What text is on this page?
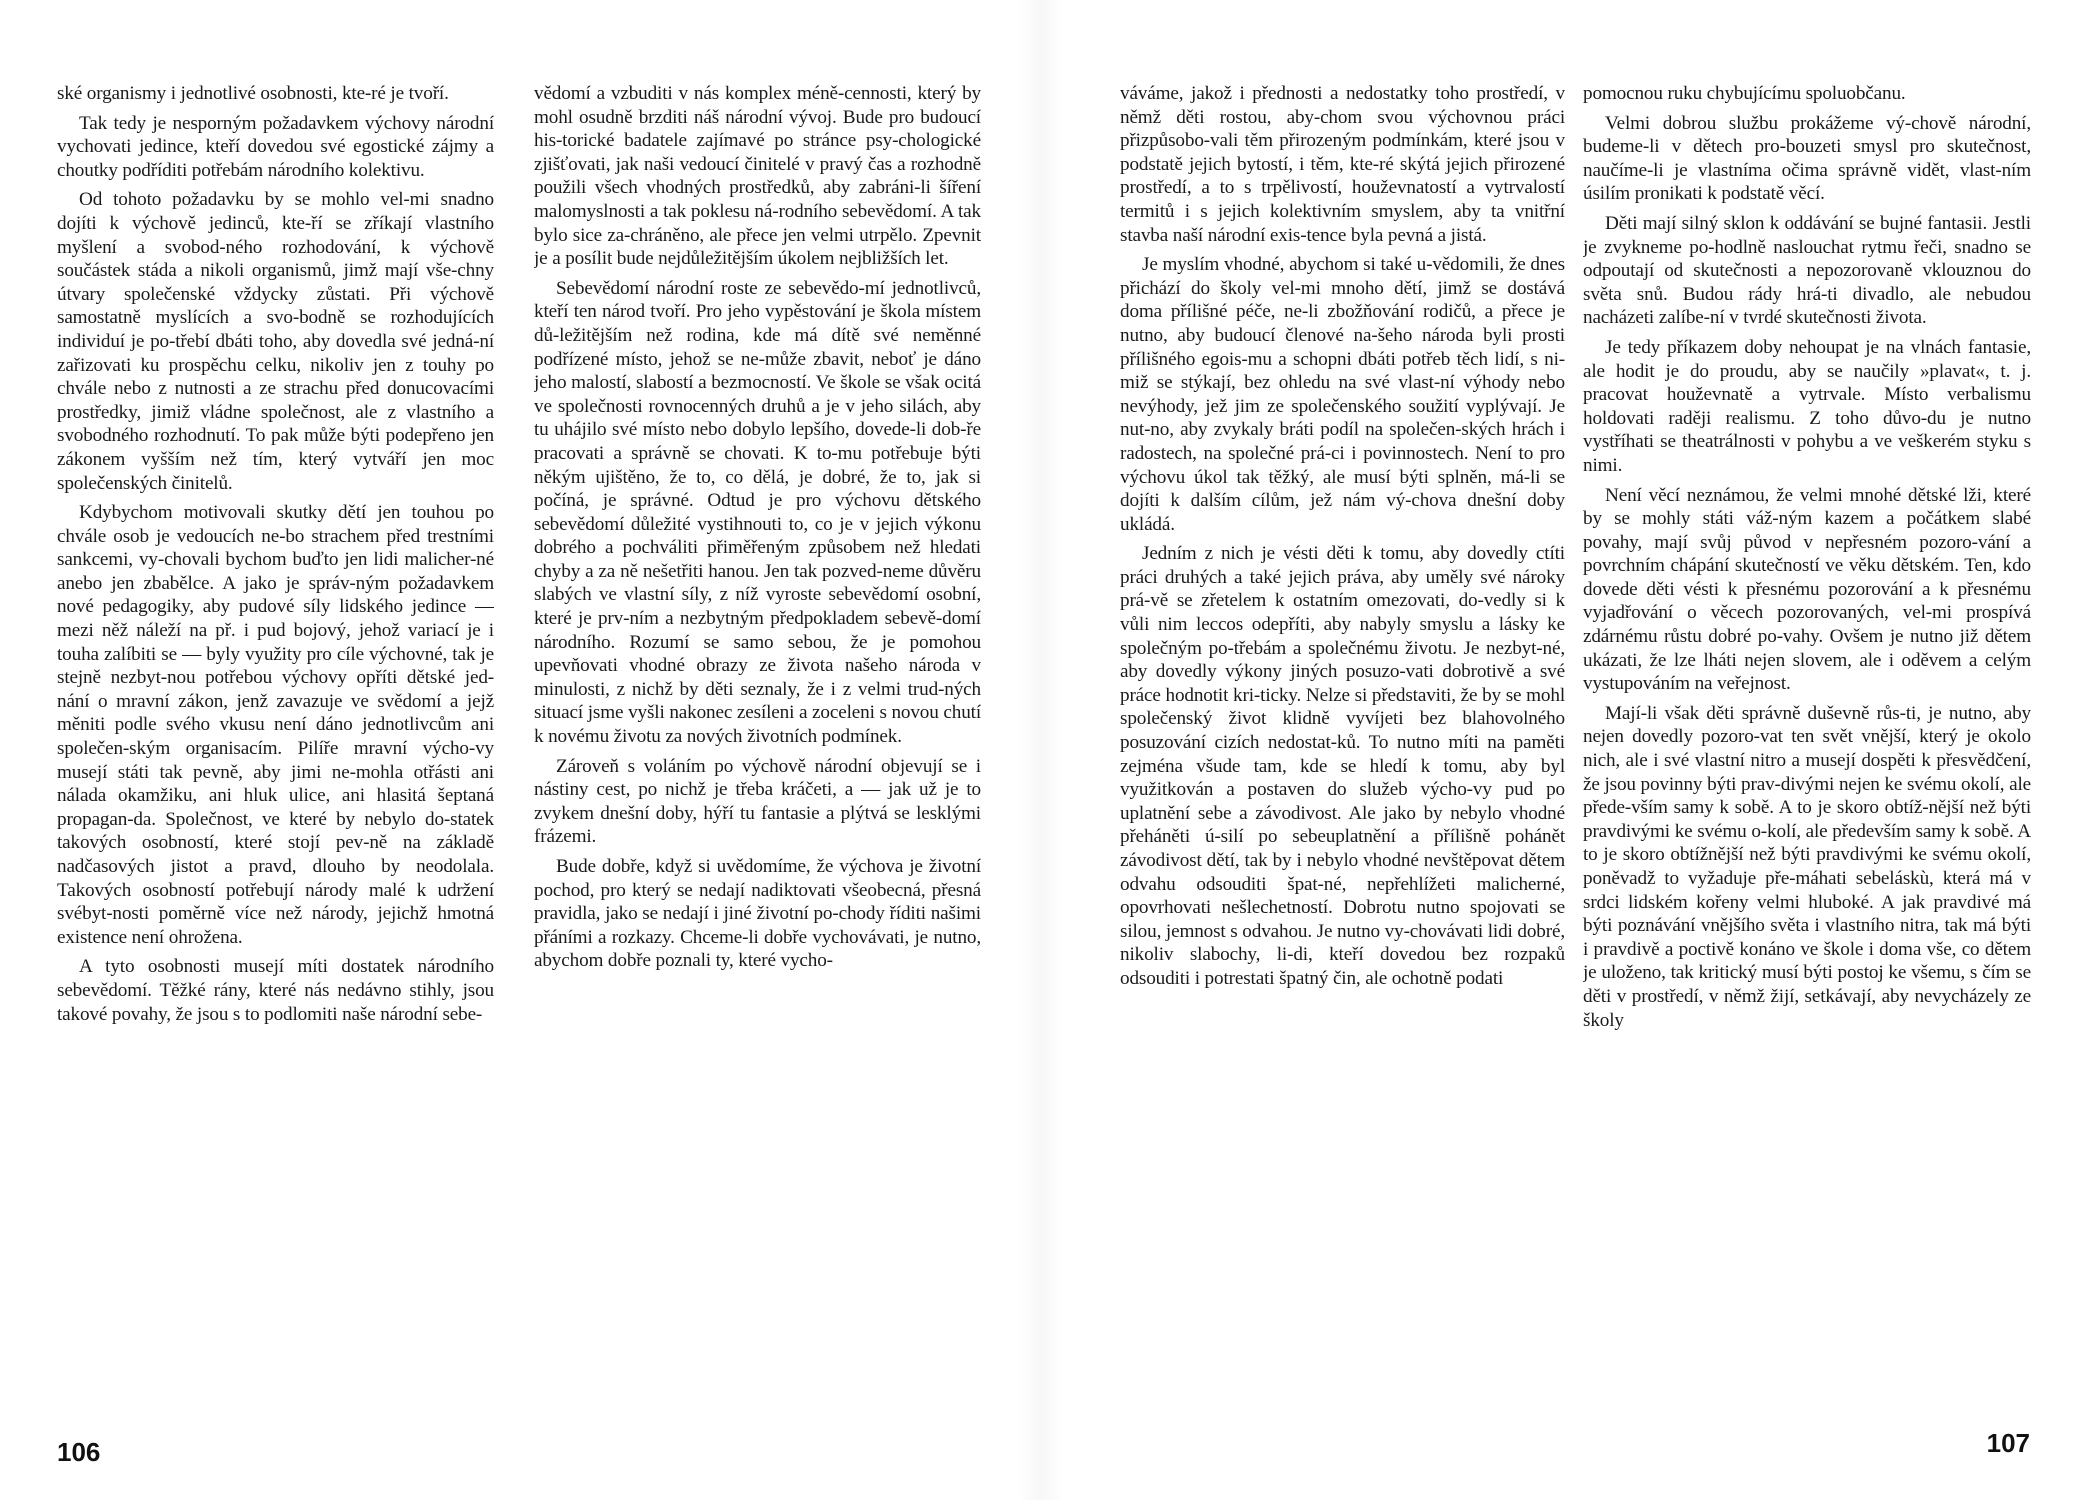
ské organismy i jednotlivé osobnosti, kte-ré je tvoří.

Tak tedy je nesporným požadavkem výchovy národní vychovati jedince, kteří dovedou své egostické zájmy a choutky podříditi potřebám národního kolektivu.

Od tohoto požadavku by se mohlo vel-mi snadno dojíti k výchově jedinců, kte-ří se zříkají vlastního myšlení a svobod-ného rozhodování, k výchově součástek stáda a nikoli organismů, jimž mají vše-chny útvary společenské vždycky zůstati. Při výchově samostatně myslících a svo-bodně se rozhodujících individuí je po-třebí dbáti toho, aby dovedla své jedná-ní zařizovati ku prospěchu celku, nikoliv jen z touhy po chvále nebo z nutnosti a ze strachu před donucovacími prostředky, jimiž vládne společnost, ale z vlastního a svobodného rozhodnutí. To pak může býti podepřeno jen zákonem vyšším než tím, který vytváří jen moc společenských činitelů.

Kdybychom motivovali skutky dětí jen touhou po chvále osob je vedoucích ne-bo strachem před trestními sankcemi, vy-chovali bychom buďto jen lidi malicher-né anebo jen zbabělce. A jako je správ-ným požadavkem nové pedagogiky, aby pudové síly lidského jedince — mezi něž náleží na př. i pud bojový, jehož variací je i touha zalíbiti se — byly využity pro cíle výchovné, tak je stejně nezbyt-nou potřebou výchovy opříti dětské jed-nání o mravní zákon, jenž zavazuje ve svědomí a jejž měniti podle svého vkusu není dáno jednotlivcům ani společen-ským organisacím. Pilíře mravní výcho-vy musejí státi tak pevně, aby jimi ne-mohla otřásti ani nálada okamžiku, ani hluk ulice, ani hlasitá šeptaná propagan-da. Společnost, ve které by nebylo do-statek takových osobností, které stojí pev-ně na základě nadčasových jistot a pravd, dlouho by neodolala. Takových osobností potřebují národy malé k udržení svébyt-nosti poměrně více než národy, jejichž hmotná existence není ohrožena.

A tyto osobnosti musejí míti dostatek národního sebevědomí. Těžké rány, které nás nedávno stihly, jsou takové povahy, že jsou s to podlomiti naše národní sebe-

vědomí a vzbuditi v nás komplex méně-cennosti, který by mohl osudně brzditi náš národní vývoj. Bude pro budoucí his-torické badatele zajímavé po stránce psy-chologické zjišťovati, jak naši vedoucí činitelé v pravý čas a rozhodně použili všech vhodných prostředků, aby zabráni-li šíření malomyslnosti a tak poklesu ná-rodního sebevědomí. A tak bylo sice za-chráněno, ale přece jen velmi utrpělo. Zpevnit je a posílit bude nejdůležitějším úkolem nejbližších let.

Sebevědomí národní roste ze sebevědo-mí jednotlivců, kteří ten národ tvoří. Pro jeho vypěstování je škola místem dů-ležitějším než rodina, kde má dítě své neměnné podřízené místo, jehož se ne-může zbavit, neboť je dáno jeho malostí, slabostí a bezmocností. Ve škole se však ocitá ve společnosti rovnocenných druhů a je v jeho silách, aby tu uhájilo své místo nebo dobylo lepšího, dovede-li dob-ře pracovati a správně se chovati. K to-mu potřebuje býti někým ujištěno, že to, co dělá, je dobré, že to, jak si počíná, je správné. Odtud je pro výchovu dětského sebevědomí důležité vystihnouti to, co je v jejich výkonu dobrého a pochváliti přiměřeným způsobem než hledati chyby a za ně nešetřiti hanou. Jen tak pozved-neme důvěru slabých ve vlastní síly, z níž vyroste sebevědomí osobní, které je prv-ním a nezbytným předpokladem sebevě-domí národního. Rozumí se samo sebou, že je pomohou upevňovati vhodné obrazy ze života našeho národa v minulosti, z nichž by děti seznaly, že i z velmi trud-ných situací jsme vyšli nakonec zesíleni a zoceleni s novou chutí k novému životu za nových životních podmínek.

Zároveň s voláním po výchově národní objevují se i nástiny cest, po nichž je třeba kráčeti, a — jak už je to zvykem dnešní doby, hýří tu fantasie a plýtvá se lesklými frázemi.

Bude dobře, když si uvědomíme, že výchova je životní pochod, pro který se nedají nadiktovati všeobecná, přesná pravidla, jako se nedají i jiné životní po-chody říditi našimi přáními a rozkazy. Chceme-li dobře vychovávati, je nutno, abychom dobře poznali ty, které vycho-

106

váváme, jakož i přednosti a nedostatky toho prostředí, v němž děti rostou, aby-chom svou výchovnou práci přizpůsobo-vali těm přirozeným podmínkám, které jsou v podstatě jejich bytostí, i těm, kte-ré skýtá jejich přirozené prostředí, a to s trpělivostí, houževnatostí a vytrvalostí termitů i s jejich kolektivním smyslem, aby ta vnitřní stavba naší národní exis-tence byla pevná a jistá.

Je myslím vhodné, abychom si také u-vědomili, že dnes přichází do školy vel-mi mnoho dětí, jimž se dostává doma přílišné péče, ne-li zbožňování rodičů, a přece je nutno, aby budoucí členové na-šeho národa byli prosti přílišného egois-mu a schopni dbáti potřeb těch lidí, s ni-miž se stýkají, bez ohledu na své vlast-ní výhody nebo nevýhody, jež jim ze společenského soužití vyplývají. Je nut-no, aby zvykaly bráti podíl na společen-ských hrách i radostech, na společné prá-ci i povinnostech. Není to pro výchovu úkol tak těžký, ale musí býti splněn, má-li se dojíti k dalším cílům, jež nám vý-chova dnešní doby ukládá.

Jedním z nich je vésti děti k tomu, aby dovedly ctíti práci druhých a také jejich práva, aby uměly své nároky prá-vě se zřetelem k ostatním omezovati, do-vedly si k vůli nim leccos odepříti, aby nabyly smyslu a lásky ke společným po-třebám a společnému životu. Je nezbyt-né, aby dovedly výkony jiných posuzo-vati dobrotivě a své práce hodnotit kri-ticky. Nelze si představiti, že by se mohl společenský život klidně vyvíjeti bez blahovolného posuzování cizích nedostat-ků. To nutno míti na paměti zejména všude tam, kde se hledí k tomu, aby byl využitkován a postaven do služeb výcho-vy pud po uplatnění sebe a závodivost. Ale jako by nebylo vhodné přeháněti ú-silí po sebeuplatnění a přílišně pohánět závodivost dětí, tak by i nebylo vhodné nevštěpovat dětem odvahu odsouditi špat-né, nepřehlížeti malicherné, opovrhovati nešlechetností. Dobrotu nutno spojovati se silou, jemnost s odvahou. Je nutno vy-chovávati lidi dobré, nikoliv slabochy, li-di, kteří dovedou bez rozpaků odsouditi i potrestati špatný čin, ale ochotně podati

pomocnou ruku chybujícímu spoluobčanu.

Velmi dobrou službu prokážeme vý-chově národní, budeme-li v dětech pro-bouzeti smysl pro skutečnost, naučíme-li je vlastníma očima správně vidět, vlast-ním úsilím pronikati k podstatě věcí.

Děti mají silný sklon k oddávání se bujné fantasii. Jestli je zvykneme po-hodlně naslouchat rytmu řeči, snadno se odpoutají od skutečnosti a nepozorovaně vklouznou do světa snů. Budou rády hrá-ti divadlo, ale nebudou nacházeti zalíbe-ní v tvrdé skutečnosti života.

Je tedy příkazem doby nehoupat je na vlnách fantasie, ale hodit je do proudu, aby se naučily »plavat«, t. j. pracovat houževnatě a vytrvale. Místo verbalismu holdovati raději realismu. Z toho důvo-du je nutno vystříhati se theatrálnosti v pohybu a ve veškerém styku s nimi.

Není věcí neznámou, že velmi mnohé dětské lži, které by se mohly státi váž-ným kazem a počátkem slabé povahy, mají svůj původ v nepřesném pozoro-vání a povrchním chápání skutečností ve věku dětském. Ten, kdo dovede děti vésti k přesnému pozorování a k přesnému vyjadřování o věcech pozorovaných, vel-mi prospívá zdárnému růstu dobré po-vahy. Ovšem je nutno již dětem ukázati, že lze lháti nejen slovem, ale i oděvem a celým vystupováním na veřejnost.

Mají-li však děti správně duševně růs-ti, je nutno, aby nejen dovedly pozoro-vat ten svět vnější, který je okolo nich, ale i své vlastní nitro a musejí dospěti k přesvědčení, že jsou povinny býti prav-divými nejen ke svému okolí, ale přede-vším samy k sobě. A to je skoro obtíž-nější než býti pravdivými ke svému o-kolí, ale především samy k sobě. A to je skoro obtížnější než býti pravdivými ke svému okolí, poněvadž to vyžaduje pře-máhati sebeláskù, která má v srdci lidském kořeny velmi hluboké. A jak pravdivé má býti poznávání vnějšího světa i vlastního nitra, tak má býti i pravdivě a poctivě konáno ve škole i doma vše, co dětem je uloženo, tak kritický musí býti postoj ke všemu, s čím se děti v prostředí, v němž žijí, setkávají, aby nevycházely ze školy

107
